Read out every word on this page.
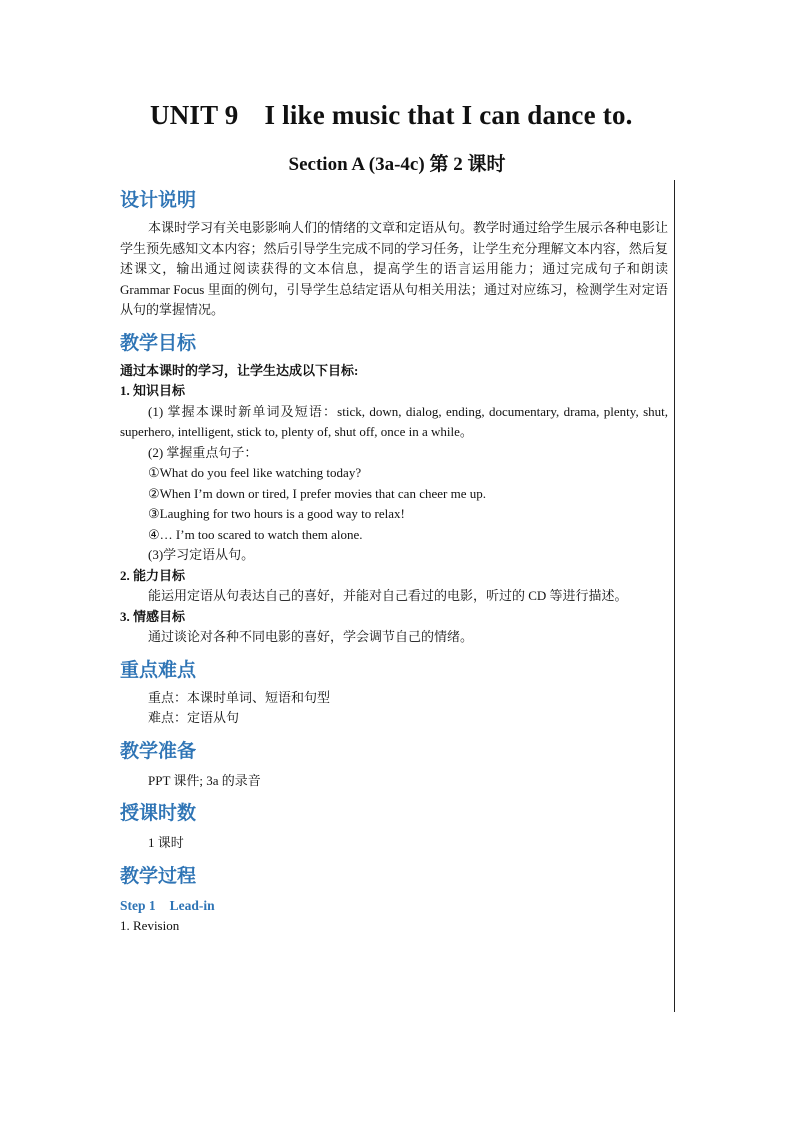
UNIT 9 I like music that I can dance to.
Section A (3a-4c) 第 2 课时
设计说明
本课时学习有关电影影响人们的情绪的文章和定语从句。教学时通过给学生展示各种电影让学生预先感知文本内容；然后引导学生完成不同的学习任务，让学生充分理解文本内容，然后复述课文，输出通过阅读获得的文本信息，提高学生的语言运用能力；通过完成句子和朗读 Grammar Focus 里面的例句，引导学生总结定语从句相关用法；通过对应练习，检测学生对定语从句的掌握情况。
教学目标
通过本课时的学习，让学生达成以下目标:
1. 知识目标
(1) 掌握本课时新单词及短语：stick, down, dialog, ending, documentary, drama, plenty, shut, superhero, intelligent, stick to, plenty of, shut off, once in a while。
(2) 掌握重点句子：
①What do you feel like watching today?
②When I’m down or tired, I prefer movies that can cheer me up.
③Laughing for two hours is a good way to relax!
④… I’m too scared to watch them alone.
(3)学习定语从句。
2. 能力目标
能运用定语从句表达自己的喜好，并能对自己看过的电影，听过的 CD 等进行描述。
3. 情感目标
通过谈论对各种不同电影的喜好，学会调节自己的情绪。
重点难点
重点：本课时单词、短语和句型
难点：定语从句
教学准备
PPT 课件; 3a 的录音
授课时数
1 课时
教学过程
Step 1 Lead-in
1. Revision
